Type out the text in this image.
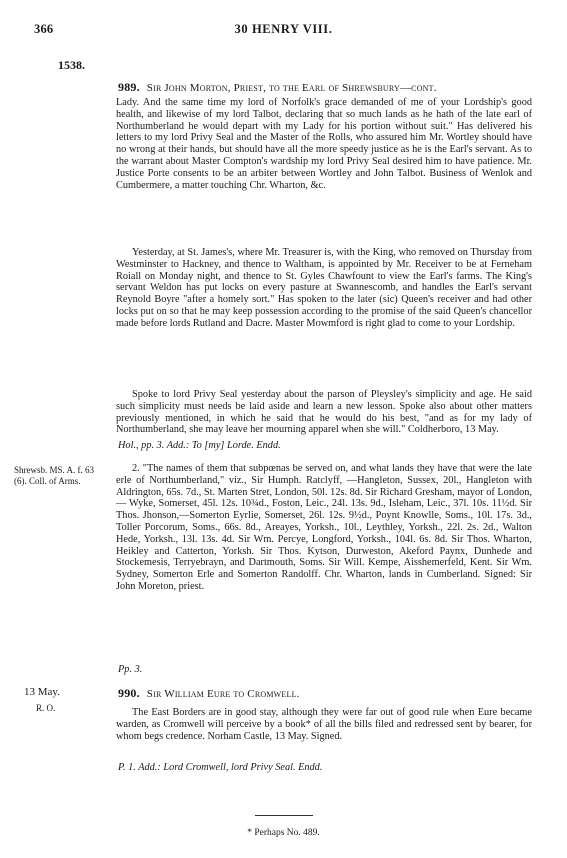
366	30 HENRY VIII.
1538.
989. Sir John Morton, Priest, to the Earl of Shrewsbury—cont.

Lady. And the same time my lord of Norfolk's grace demanded of me of your Lordship's good health, and likewise of my lord Talbot, declaring that so much lands as he hath of the late earl of Northumberland he would depart with my Lady for his portion without suit." Has delivered his letters to my lord Privy Seal and the Master of the Rolls, who assured him Mr. Wortley should have no wrong at their hands, but should have all the more speedy justice as he is the Earl's servant. As to the warrant about Master Compton's wardship my lord Privy Seal desired him to have patience. Mr. Justice Porte consents to be an arbiter between Wortley and John Talbot. Business of Wenlok and Cumbermere, a matter touching Chr. Wharton, &c.

Yesterday, at St. James's, where Mr. Treasurer is, with the King, who removed on Thursday from Westminster to Hackney, and thence to Waltham, is appointed by Mr. Receiver to be at Ferneham Roiall on Monday night, and thence to St. Gyles Chawfount to view the Earl's farms. The King's servant Weldon has put locks on every pasture at Swannescomb, and handles the Earl's servant Reynold Boyre "after a homely sort." Has spoken to the later (sic) Queen's receiver and had other locks put on so that he may keep possession according to the promise of the said Queen's chancellor made before lords Rutland and Dacre. Master Mowmford is right glad to come to your Lordship.

Spoke to lord Privy Seal yesterday about the parson of Pleysley's simplicity and age. He said such simplicity must needs be laid aside and learn a new lesson. Spoke also about other matters previously mentioned, in which he said that he would do his best, "and as for my lady of Northumberland, she may leave her mourning apparel when she will." Coldherboro, 13 May.

Hol., pp. 3. Add.: To [my] Lorde. Endd.
Shrewsb. MS. A. f. 63 (6). Coll. of Arms.

2. "The names of them that subpœnas be served on, and what lands they have that were the late erle of Northumberland," viz., Sir Humph. Ratclyff, —Hangleton, Sussex, 20l., Hangleton with Aldrington, 65s. 7d., St. Marten Stret, London, 50l. 12s. 8d. Sir Richard Gresham, mayor of London,— Wyke, Somerset, 45l. 12s. 10¾d., Foston, Leic., 24l. 13s. 9d., Isleham, Leic., 37l. 10s. 11½d. Sir Thos. Jhonson,—Somerton Eyrlie, Somerset, 26l. 12s. 9½d., Poynt Knowlle, Soms., 10l. 17s. 3d., Toller Porcorum, Soms., 66s. 8d., Areayes, Yorksh., 10l., Leythley, Yorksh., 22l. 2s. 2d., Walton Hede, Yorksh., 13l. 13s. 4d. Sir Wm. Percye, Longford, Yorksh., 104l. 6s. 8d. Sir Thos. Wharton, Heikley and Catterton, Yorksh. Sir Thos. Kytson, Durweston, Akeford Paynx, Dunhede and Stockemesis, Terryebrayn, and Dartmouth, Soms. Sir Will. Kempe, Aisshemerfeld, Kent. Sir Wm. Sydney, Somerton Erle and Somerton Randolff. Chr. Wharton, lands in Cumberland. Signed: Sir John Moreton, priest.

Pp. 3.
13 May.
R. O.
990. Sir William Eure to Cromwell.

The East Borders are in good stay, although they were far out of good rule when Eure became warden, as Cromwell will perceive by a book* of all the bills filed and redressed sent by bearer, for whom begs credence. Norham Castle, 13 May. Signed.

P. 1. Add.: Lord Cromwell, lord Privy Seal. Endd.
* Perhaps No. 489.
